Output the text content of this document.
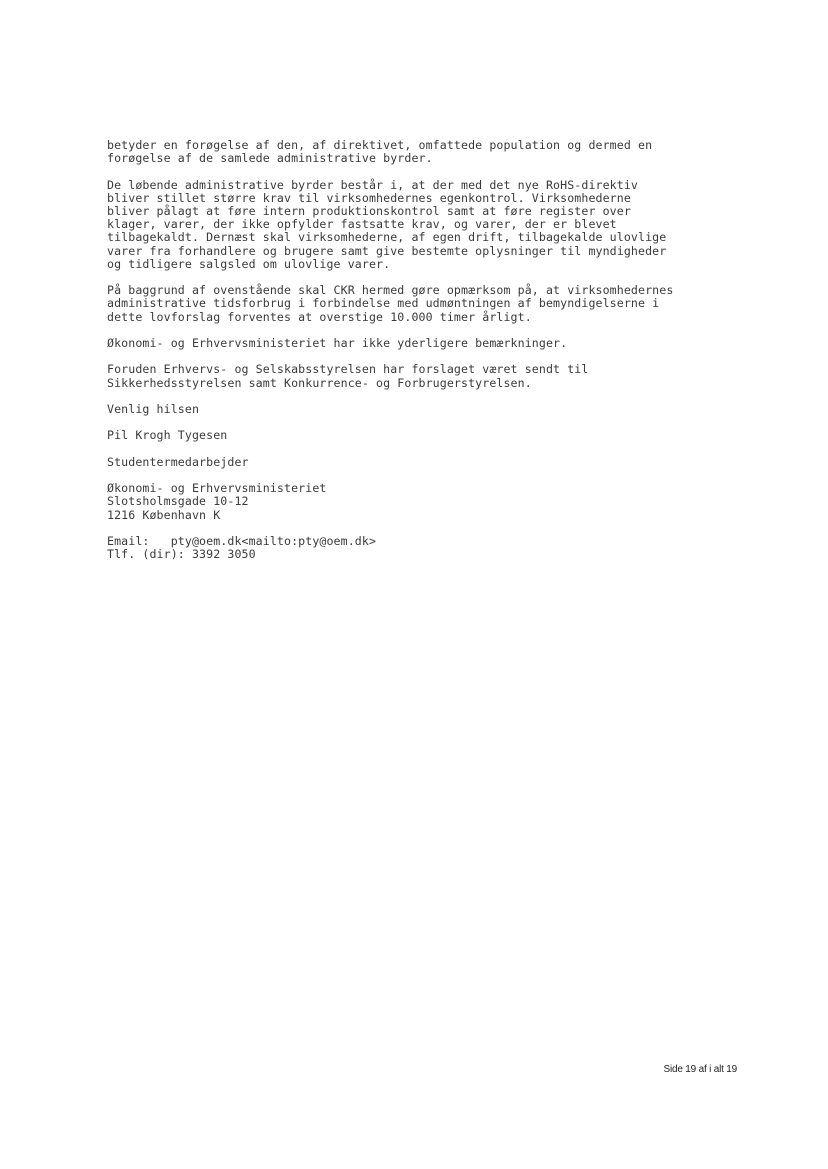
betyder en forøgelse af den, af direktivet, omfattede population og dermed en
forøgelse af de samlede administrative byrder.

De løbende administrative byrder består i, at der med det nye RoHS-direktiv
bliver stillet større krav til virksomhedernes egenkontrol. Virksomhederne
bliver pålagt at føre intern produktionskontrol samt at føre register over
klager, varer, der ikke opfylder fastsatte krav, og varer, der er blevet
tilbagekaldt. Dernæst skal virksomhederne, af egen drift, tilbagekalde ulovlige
varer fra forhandlere og brugere samt give bestemte oplysninger til myndigheder
og tidligere salgsled om ulovlige varer.

På baggrund af ovenstående skal CKR hermed gøre opmærksom på, at virksomhedernes
administrative tidsforbrug i forbindelse med udmøntningen af bemyndigelserne i
dette lovforslag forventes at overstige 10.000 timer årligt.

Økonomi- og Erhvervsministeriet har ikke yderligere bemærkninger.

Foruden Erhvervs- og Selskabsstyrelsen har forslaget været sendt til
Sikkerhedsstyrelsen samt Konkurrence- og Forbrugerstyrelsen.

Venlig hilsen

Pil Krogh Tygesen

Studentermedarbejder

Økonomi- og Erhvervsministeriet
Slotsholmsgade 10-12
1216 København K

Email:   pty@oem.dk<mailto:pty@oem.dk>
Tlf. (dir): 3392 3050

Side 19 af i alt 19
